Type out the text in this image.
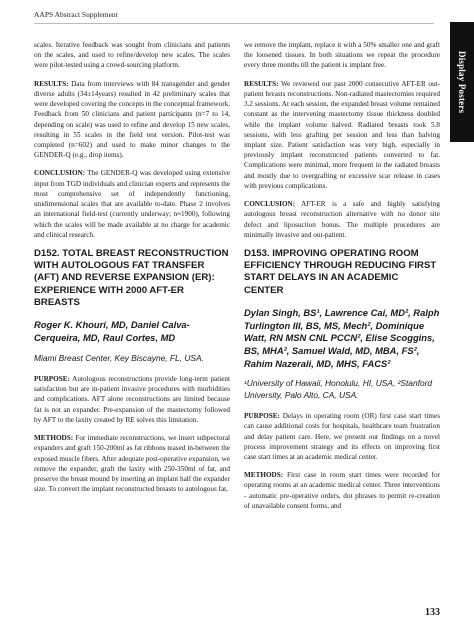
AAPS Abstract Supplement
Display Posters

scales. Iterative feedback was sought from clinicians and patients on the scales, and used to refine/develop new scales. The scales were pilot-tested using a crowd-sourcing platform.

RESULTS: Data from interviews with 84 transgender and gender diverse adults (34±14years) resulted in 42 preliminary scales that were developed covering the concepts in the conceptual framework. Feedback from 50 clinicians and patient participants (n=7 to 14, depending on scale) was used to refine and develop 15 new scales, resulting in 55 scales in the field test version. Pilot-test was completed (n=602) and used to make minor changes to the GENDER-Q (e.g., drop items).

CONCLUSION: The GENDER-Q was developed using extensive input from TGD individuals and clinician experts and represents the most comprehensive set of independently functioning, unidimensional scales that are available to-date. Phase 2 involves an international field-test (currently underway; n≈1900), following which the scales will be made available at no charge for academic and clinical research.

D152. TOTAL BREAST RECONSTRUCTION WITH AUTOLOGOUS FAT TRANSFER (AFT) AND REVERSE EXPANSION (ER): EXPERIENCE WITH 2000 AFT-ER BREASTS
Roger K. Khouri, MD, Daniel Calva-Cerqueira, MD, Raul Cortes, MD
Miami Breast Center, Key Biscayne, FL, USA.

PURPOSE: Autologous reconstructions provide long-term patient satisfaction but are in-patient invasive procedures with morbidities and complications. AFT alone reconstructions are limited because fat is not an expander. Pre-expansion of the mastectomy followed by AFT to the laxity created by RE solves this limitation.

METHODS: For immediate reconstructions, we insert subpectoral expanders and graft 150-200ml as fat ribbons teased in-between the exposed muscle fibers. After adequate post-operative expansion, we remove the expander, graft the laxity with 250-350ml of fat, and preserve the breast mound by inserting an implant half the expander size. To convert the implant reconstructed breasts to autologous fat,

we remove the implant, replace it with a 50% smaller one and graft the loosened tissues. In both situations we repeat the procedure every three months till the patient is implant free.

RESULTS: We reviewed our past 2000 consecutive AFT-ER out-patient breasts reconstructions. Non-radiated mastectomies required 3.2 sessions. At each session, the expanded breast volume remained constant as the intervening mastectomy tissue thickness doubled while the implant volume halved. Radiated breasts took 5.8 sessions, with less grafting per session and less than halving implant size. Patient satisfaction was very high, especially in previously implant reconstructed patients converted to fat. Complications were minimal, more frequent in the radiated breasts and mostly due to overgrafting or excessive scar release in cases with previous complications.

CONCLUSION: AFT-ER is a safe and highly satisfying autologous breast reconstruction alternative with no donor site defect and liposuction bonus. The multiple procedures are minimally invasive and out-patient.

D153. IMPROVING OPERATING ROOM EFFICIENCY THROUGH REDUCING FIRST START DELAYS IN AN ACADEMIC CENTER
Dylan Singh, BS¹, Lawrence Cai, MD², Ralph Turlington III, BS, MS, Mech², Dominique Watt, RN MSN CNL PCCN², Elise Scoggins, BS, MHA², Samuel Wald, MD, MBA, FS², Rahim Nazerali, MD, MHS, FACS²
¹University of Hawaii, Honolulu, HI, USA, ²Stanford University, Palo Alto, CA, USA.

PURPOSE: Delays in operating room (OR) first case start times can cause additional costs for hospitals, healthcare team frustration and delay patient care. Here, we present our findings on a novel process improvement strategy and its effects on improving first case start times at an academic medical center.

METHODS: First case in room start times were recorded for operating rooms at an academic medical center. Three interventions - automatic pre-operative orders, dot phrases to permit re-creation of unavailable consent forms, and

133
